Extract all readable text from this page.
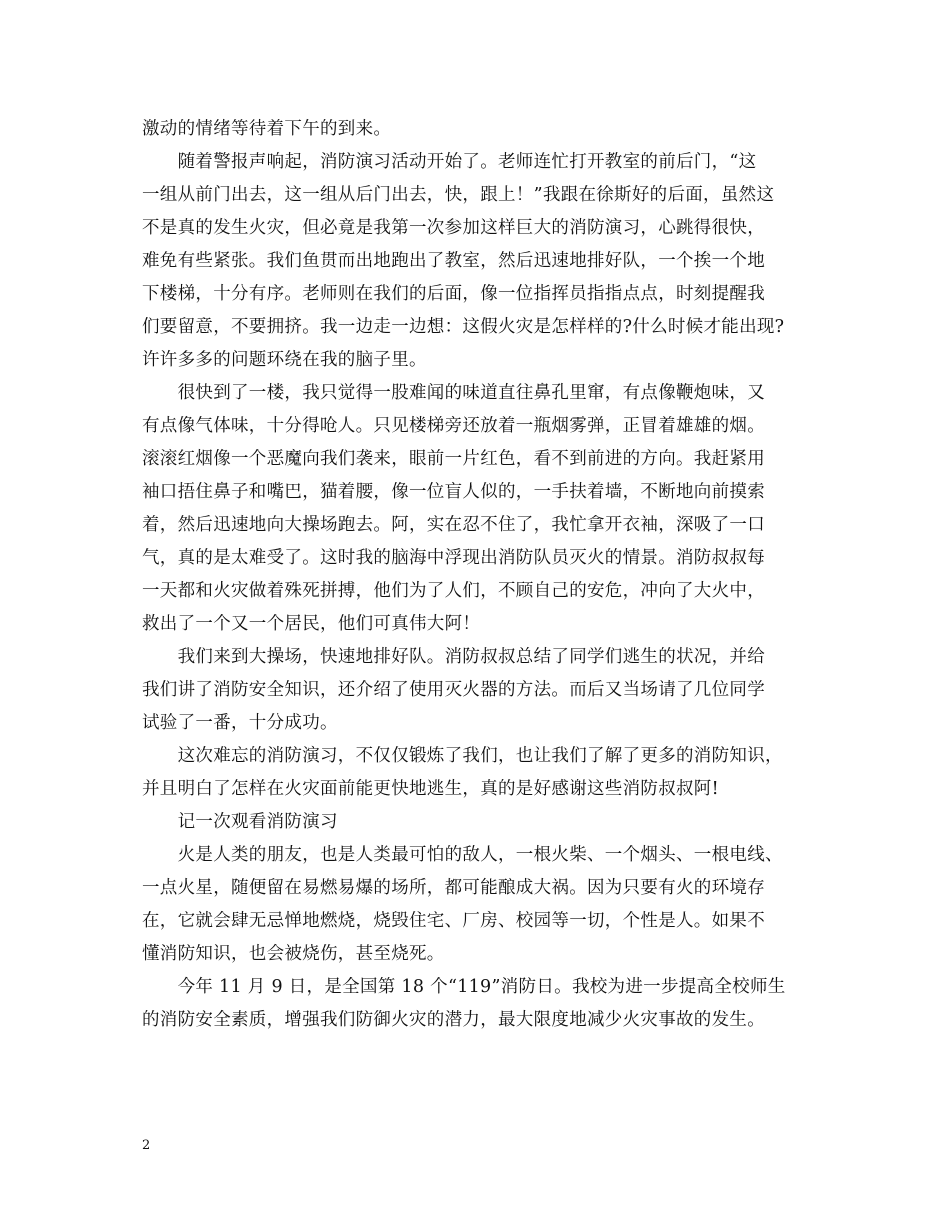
激动的情绪等待着下午的到来。
　　随着警报声响起，消防演习活动开始了。老师连忙打开教室的前后门，“这
一组从前门出去，这一组从后门出去，快，跟上！”我跟在徐斯好的后面，虽然这
不是真的发生火灾，但必竟是我第一次参加这样巨大的消防演习，心跳得很快，
难免有些紧张。我们鱼贯而出地跑出了教室，然后迅速地排好队，一个挨一个地
下楼梯，十分有序。老师则在我们的后面，像一位指挥员指指点点，时刻提醒我
们要留意，不要拥挤。我一边走一边想：这假火灾是怎样样的?什么时候才能出现?
许许多多的问题环绕在我的脑子里。
　　很快到了一楼，我只觉得一股难闻的味道直往鼻孔里窜，有点像鞭炮味，又
有点像气体味，十分得呛人。只见楼梯旁还放着一瓶烟雾弹，正冒着雄雄的烟。
滚滚红烟像一个恶魔向我们袭来，眼前一片红色，看不到前进的方向。我赶紧用
袖口捂住鼻子和嘴巴，猫着腰，像一位盲人似的，一手扶着墙，不断地向前摸索
着，然后迅速地向大操场跑去。阿，实在忍不住了，我忙拿开衣袖，深吸了一口
气，真的是太难受了。这时我的脑海中浮现出消防队员灭火的情景。消防叔叔每
一天都和火灾做着殊死拼搏，他们为了人们，不顾自己的安危，冲向了大火中，
救出了一个又一个居民，他们可真伟大阿！
　　我们来到大操场，快速地排好队。消防叔叔总结了同学们逃生的状况，并给
我们讲了消防安全知识，还介绍了使用灭火器的方法。而后又当场请了几位同学
试验了一番，十分成功。
　　这次难忘的消防演习，不仅仅锻炼了我们，也让我们了解了更多的消防知识，
并且明白了怎样在火灾面前能更快地逃生，真的是好感谢这些消防叔叔阿!
　　记一次观看消防演习
　　火是人类的朋友，也是人类最可怕的敌人，一根火柴、一个烟头、一根电线、
一点火星，随便留在易燃易爆的场所，都可能酿成大祸。因为只要有火的环境存
在，它就会肆无忌惮地燃烧，烧毁住宅、厂房、校园等一切，个性是人。如果不
懂消防知识，也会被烧伤，甚至烧死。
　　今年 11 月 9 日，是全国第 18 个“119”消防日。我校为进一步提高全校师生
的消防安全素质，增强我们防御火灾的潜力，最大限度地减少火灾事故的发生。
2
